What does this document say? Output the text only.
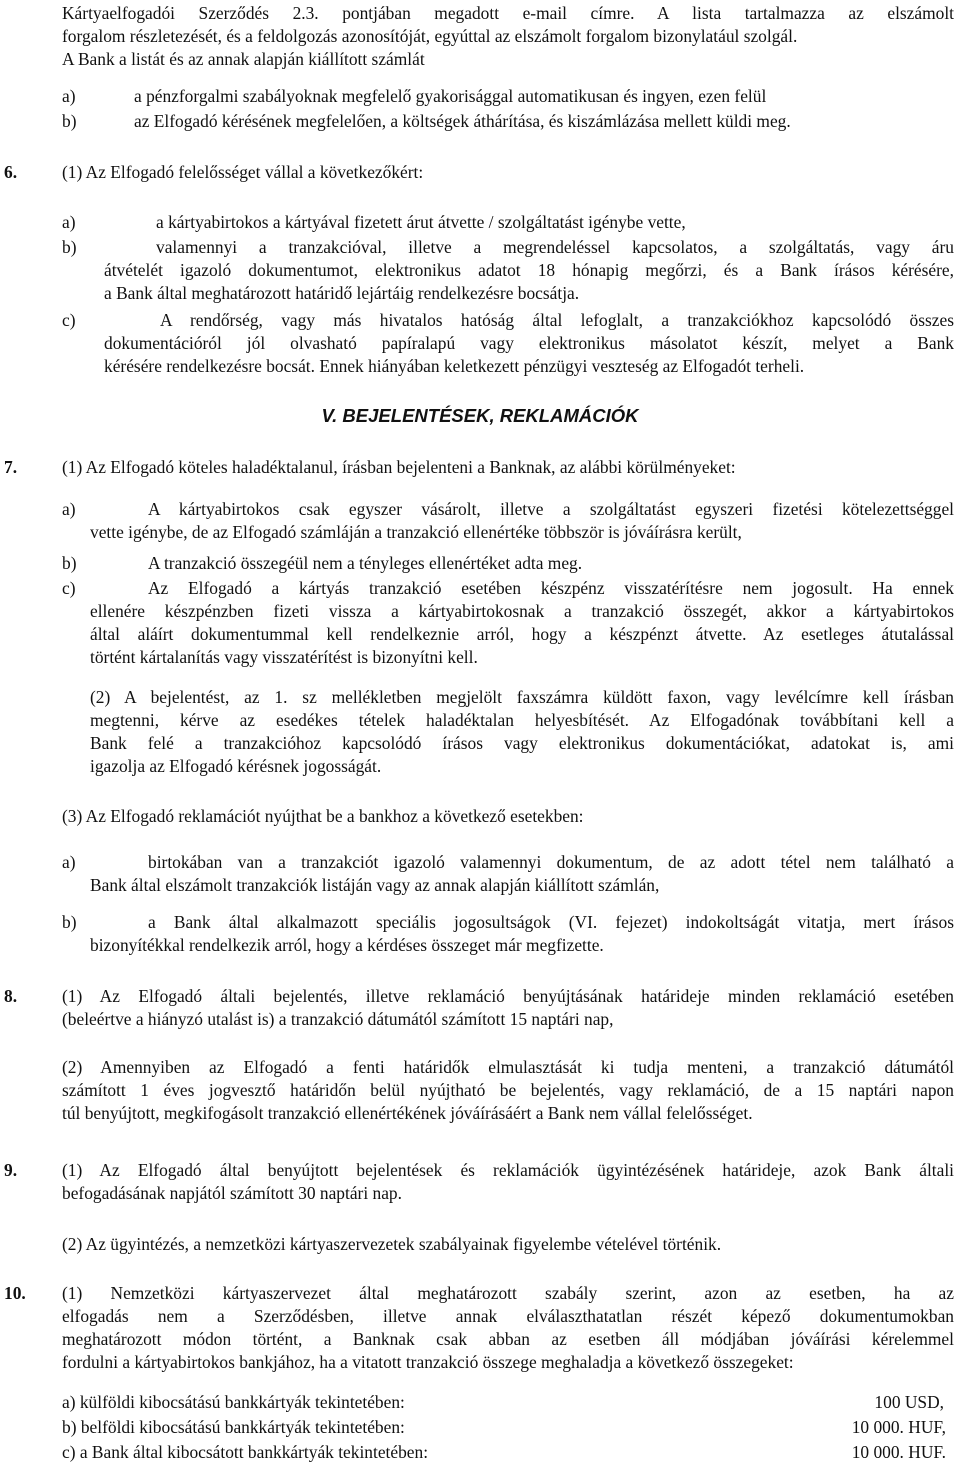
Kártyaelfogadói Szerződés 2.3. pontjában megadott e-mail címre. A lista tartalmazza az elszámolt
forgalom részletezését, és a feldolgozás azonosítóját, egyúttal az elszámolt forgalom bizonylatául szolgál.
A Bank a listát és az annak alapján kiállított számlát
a)	a pénzforgalmi szabályoknak megfelelő gyakorisággal automatikusan és ingyen, ezen felül
b)	az Elfogadó kérésének megfelelően, a költségek áthárítása, és kiszámlázása mellett küldi meg.
6.	(1) Az Elfogadó felelősséget vállal a következőkért:
a)	a kártyabirtokos a kártyával fizetett árut átvette / szolgáltatást igénybe vette,
b)	valamennyi a tranzakcióval, illetve a megrendeléssel kapcsolatos, a szolgáltatás, vagy áru
átvételét igazoló dokumentumot, elektronikus adatot 18 hónapig megőrzi, és a Bank írásos kérésére,
a Bank által meghatározott határidő lejártáig rendelkezésre bocsátja.
c)	A rendőrség, vagy más hivatalos hatóság által lefoglalt, a tranzakciókhoz kapcsolódó összes
dokumentációról jól olvasható papíralapú vagy elektronikus másolatot készít, melyet a Bank
kérésére rendelkezésre bocsát. Ennek hiányában keletkezett pénzügyi veszteség az Elfogadót terheli.
V. BEJELENTÉSEK, REKLAMÁCIÓK
7.	(1) Az Elfogadó köteles haladéktalanul, írásban bejelenteni a Banknak, az alábbi körülményeket:
a)	A kártyabirtokos csak egyszer vásárolt, illetve a szolgáltatást egyszeri fizetési kötelezettséggel
vette igénybe, de az Elfogadó számláján a tranzakció ellenértéke többször is jóváírásra került,
b)	A tranzakció összegéül nem a tényleges ellenértéket adta meg.
c)	Az Elfogadó a kártyás tranzakció esetében készpénz visszatérítésre nem jogosult. Ha ennek
ellenére készpénzben fizeti vissza a kártyabirtokosnak a tranzakció összegét, akkor a kártyabirtokos
által aláírt dokumentummal kell rendelkeznie arról, hogy a készpénzt átvette. Az esetleges átutalással
történt kártalanítás vagy visszatérítést is bizonyítni kell.
(2) A bejelentést, az 1. sz mellékletben megjelölt faxszámra küldött faxon, vagy levélcímre kell írásban
megtenni, kérve az esedékes tételek haladéktalan helyesbítését. Az Elfogadónak továbbítani kell a
Bank felé a tranzakcióhoz kapcsolódó írásos vagy elektronikus dokumentációkat, adatokat is, ami
igazolja az Elfogadó kérésnek jogosságát.
(3) Az Elfogadó reklamációt nyújthat be a bankhoz a következő esetekben:
a)	birtokában van a tranzakciót igazoló valamennyi dokumentum, de az adott tétel nem található a
Bank által elszámolt tranzakciók listáján vagy az annak alapján kiállított számlán,
b)	a Bank által alkalmazott speciális jogosultságok (VI. fejezet) indokoltságát vitatja, mert írásos
bizonyítékkal rendelkezik arról, hogy a kérdéses összeget már megfizette.
8.	(1) Az Elfogadó általi bejelentés, illetve reklamáció benyújtásának határideje minden reklamáció esetében
(beleértve a hiányzó utalást is) a tranzakció dátumától számított 15 naptári nap,
(2) Amennyiben az Elfogadó a fenti határidők elmulasztását ki tudja menteni, a tranzakció dátumától
számított 1 éves jogvesztő határidőn belül nyújtható be bejelentés, vagy reklamáció, de a 15 naptári napon
túl benyújtott, megkifogásolt tranzakció ellenértékének jóváírásáért a Bank nem vállal felelősséget.
9.	(1) Az Elfogadó által benyújtott bejelentések és reklamációk ügyintézésének határideje, azok Bank általi
befogadásának napjától számított 30 naptári nap.
(2) Az ügyintézés, a nemzetközi kártyaszervezetek szabályainak figyelembe vételével történik.
10. (1) Nemzetközi kártyaszervezet által meghatározott szabály szerint, azon az esetben, ha az
elfogadás nem a Szerződésben, illetve annak elválaszthatatlan részét képező dokumentumokban
meghatározott módon történt, a Banknak csak abban az esetben áll módjában jóváírási kérelemmel
fordulni a kártyabirtokos bankjához, ha a vitatott tranzakció összege meghaladja a következő összegeket:
a) külföldi kibocsátású bankkártyák tekintetében:	100 USD,
b) belföldi kibocsátású bankkártyák tekintetében:	10 000. HUF,
c) a Bank által kibocsátott bankkártyák tekintetében:	10 000. HUF.
